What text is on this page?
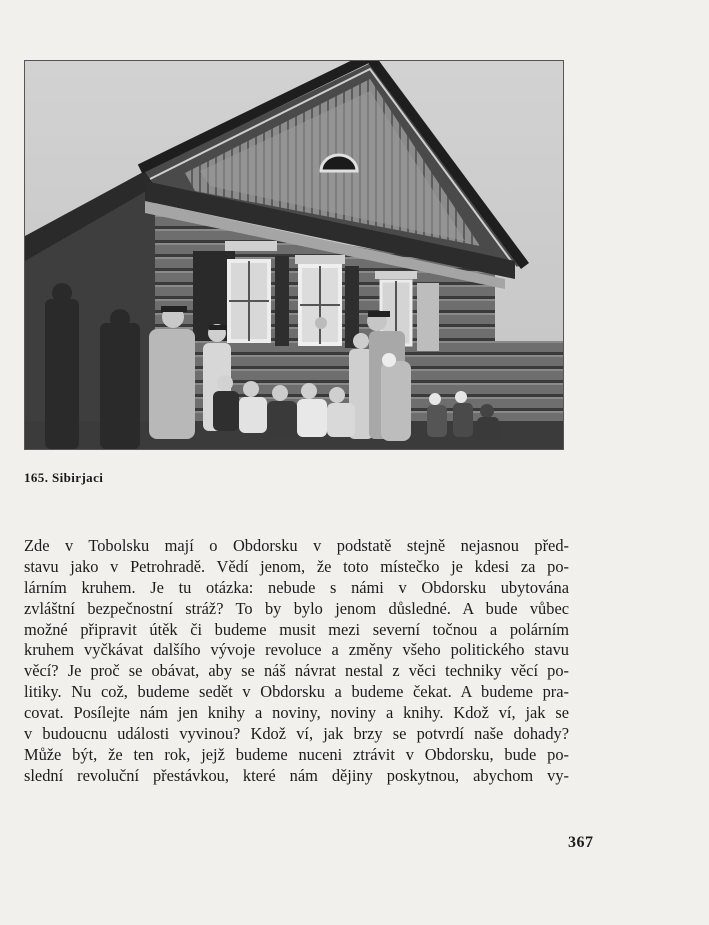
165. Sibirjaci
Zde v Tobolsku mají o Obdorsku v podstatě stejně nejasnou před-
stavu jako v Petrohradě. Vědí jenom, že toto místečko je kdesi za po-
lárním kruhem. Je tu otázka: nebude s námi v Obdorsku ubytována
zvláštní bezpečnostní stráž? To by bylo jenom důsledné. A bude vůbec
možné připravit útěk či budeme musit mezi severní točnou a polárním
kruhem vyčkávat dalšího vývoje revoluce a změny všeho politického stavu
věcí? Je proč se obávat, aby se náš návrat nestal z věci techniky věcí po-
litiky. Nu což, budeme sedět v Obdorsku a budeme čekat. A budeme pra-
covat. Posílejte nám jen knihy a noviny, noviny a knihy. Kdož ví, jak se
v budoucnu události vyvinou? Kdož ví, jak brzy se potvrdí naše dohady?
Může být, že ten rok, jejž budeme nuceni ztrávit v Obdorsku, bude po-
slední revoluční přestávkou, které nám dějiny poskytnou, abychom vy-
367
